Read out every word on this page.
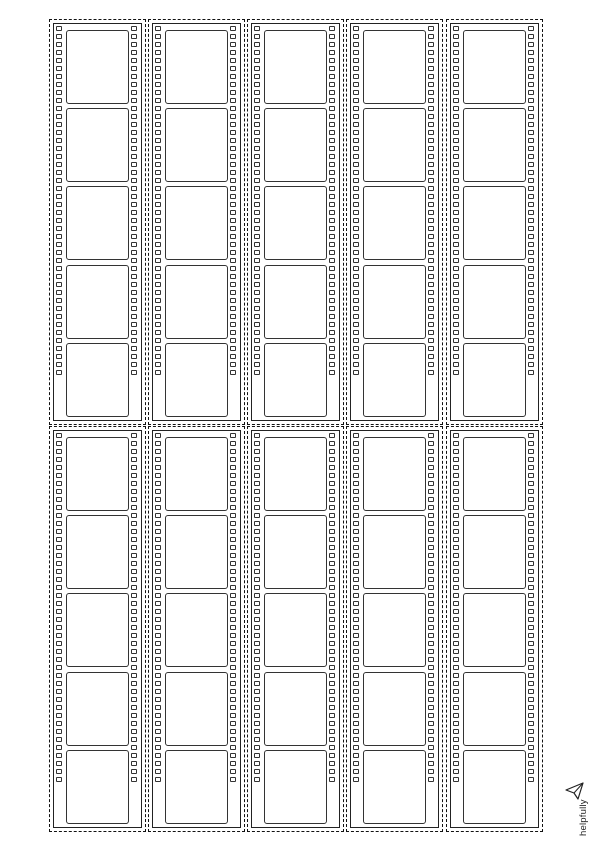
helpfully
